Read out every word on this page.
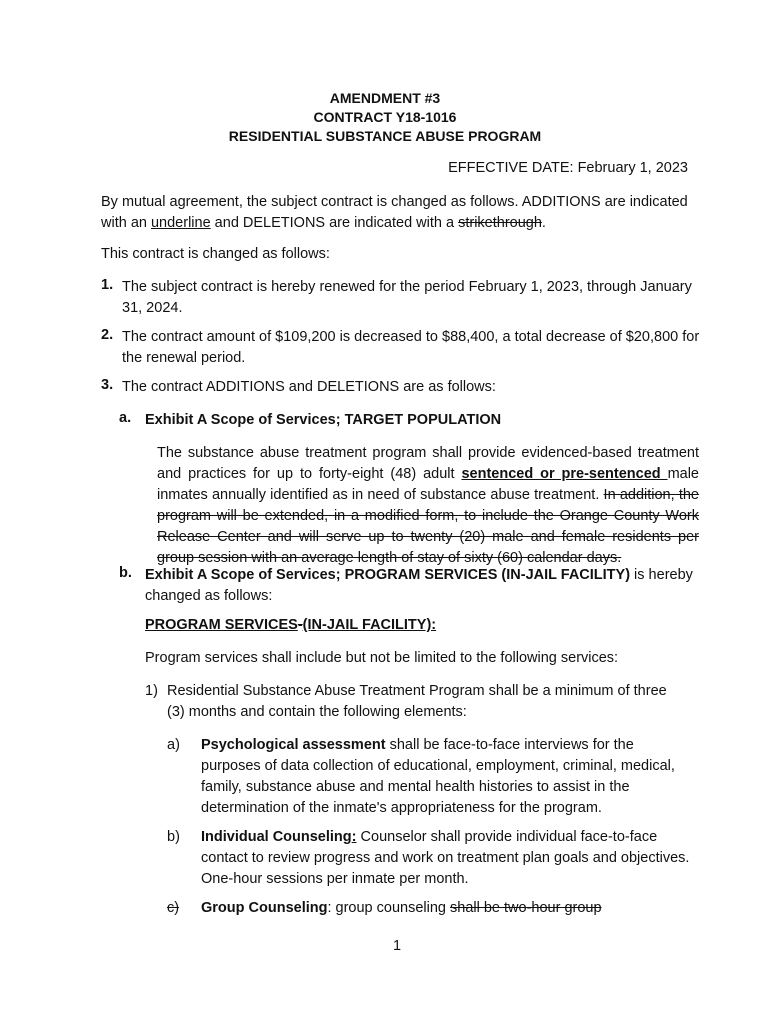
AMENDMENT #3
CONTRACT Y18-1016
RESIDENTIAL SUBSTANCE ABUSE PROGRAM
EFFECTIVE DATE: February 1, 2023
By mutual agreement, the subject contract is changed as follows. ADDITIONS are indicated with an underline and DELETIONS are indicated with a strikethrough.
This contract is changed as follows:
1. The subject contract is hereby renewed for the period February 1, 2023, through January 31, 2024.
2. The contract amount of $109,200 is decreased to $88,400, a total decrease of $20,800 for the renewal period.
3. The contract ADDITIONS and DELETIONS are as follows:
a. Exhibit A Scope of Services; TARGET POPULATION
The substance abuse treatment program shall provide evidenced-based treatment and practices for up to forty-eight (48) adult sentenced or pre-sentenced male inmates annually identified as in need of substance abuse treatment. In addition, the program will be extended, in a modified form, to include the Orange County Work Release Center and will serve up to twenty (20) male and female residents per group session with an average length of stay of sixty (60) calendar days.
b. Exhibit A Scope of Services; PROGRAM SERVICES (IN-JAIL FACILITY) is hereby changed as follows:
PROGRAM SERVICES-(IN-JAIL FACILITY):
Program services shall include but not be limited to the following services:
1) Residential Substance Abuse Treatment Program shall be a minimum of three (3) months and contain the following elements:
a) Psychological assessment shall be face-to-face interviews for the purposes of data collection of educational, employment, criminal, medical, family, substance abuse and mental health histories to assist in the determination of the inmate's appropriateness for the program.
b) Individual Counseling: Counselor shall provide individual face-to-face contact to review progress and work on treatment plan goals and objectives. One-hour sessions per inmate per month.
c) Group Counseling: group counseling shall be two-hour group
1
